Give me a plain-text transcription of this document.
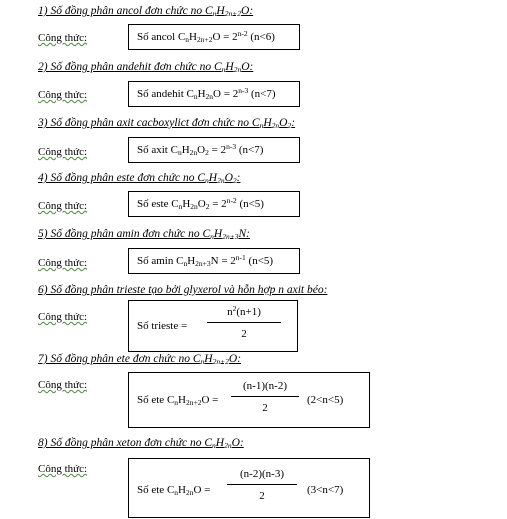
1) Số đồng phân ancol đơn chức no $C_nH_{2n+2}O$:
Công thức:	Số ancol $C_nH_{2n+2}O = 2^{n-2}$ (n<6)
2) Số đồng phân andehit đơn chức no $C_nH_{2n}O$:
Công thức:	Số andehit $C_nH_{2n}O = 2^{n-3}$ (n<7)
3) Số đồng phân axit cacboxylict đơn chức no $C_nH_{2n}O_2$:
Công thức:	Số axit $C_nH_{2n}O_2 = 2^{n-3}$ (n<7)
4) Số đồng phân este đơn chức no $C_nH_{2n}O_2$:
Công thức:	Số este $C_nH_{2n}O_2 = 2^{n-2}$ (n<5)
5) Số đồng phân amin đơn chức no $C_nH_{2n+3}N$:
Công thức:	Số amin $C_nH_{2n+3}N = 2^{n-1}$ (n<5)
6) Số đồng phân trieste tạo bởi glyxerol và hỗn hợp n axit béo:
Công thức:
Số trieste =
$n^2(n+1)$
2
7) Số đồng phân ete đơn chức no $C_nH_{2n+2}O$:
Công thức:
Số ete $C_nH_{2n+2}O$ =
(n-1)(n-2)
2
(2<n<5)
8) Số đồng phân xeton đơn chức no $C_nH_{2n}O$:
Công thức:
Số ete $C_nH_{2n}O$ =
(n-2)(n-3)
2	(3<n<7)
